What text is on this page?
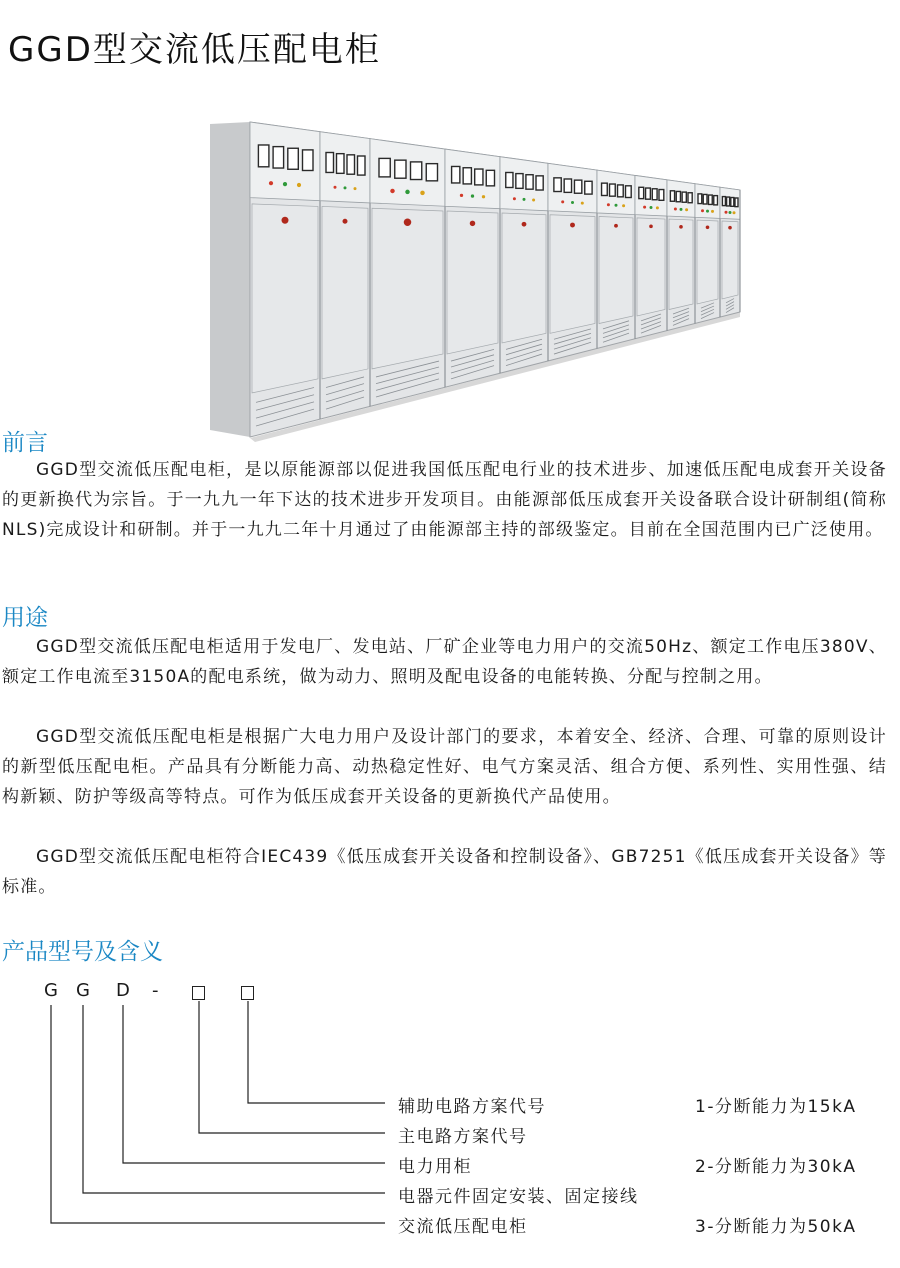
GGD型交流低压配电柜
前言

GGD型交流低压配电柜，是以原能源部以促进我国低压配电行业的技术进步、加速低压配电成套开关设备的更新换代为宗旨。于一九九一年下达的技术进步开发项目。由能源部低压成套开关设备联合设计研制组(简称NLS)完成设计和研制。并于一九九二年十月通过了由能源部主持的部级鉴定。目前在全国范围内已广泛使用。

用途

GGD型交流低压配电柜适用于发电厂、发电站、厂矿企业等电力用户的交流50Hz、额定工作电压380V、额定工作电流至3150A的配电系统，做为动力、照明及配电设备的电能转换、分配与控制之用。

GGD型交流低压配电柜是根据广大电力用户及设计部门的要求，本着安全、经济、合理、可靠的原则设计的新型低压配电柜。产品具有分断能力高、动热稳定性好、电气方案灵活、组合方便、系列性、实用性强、结构新颖、防护等级高等特点。可作为低压成套开关设备的更新换代产品使用。

GGD型交流低压配电柜符合IEC439《低压成套开关设备和控制设备》、GB7251《低压成套开关设备》等标准。

产品型号及含义
G G D -
辅助电路方案代号
主电路方案代号
电力用柜
电器元件固定安装、固定接线
交流低压配电柜
1-分断能力为15kA
2-分断能力为30kA
3-分断能力为50kA
